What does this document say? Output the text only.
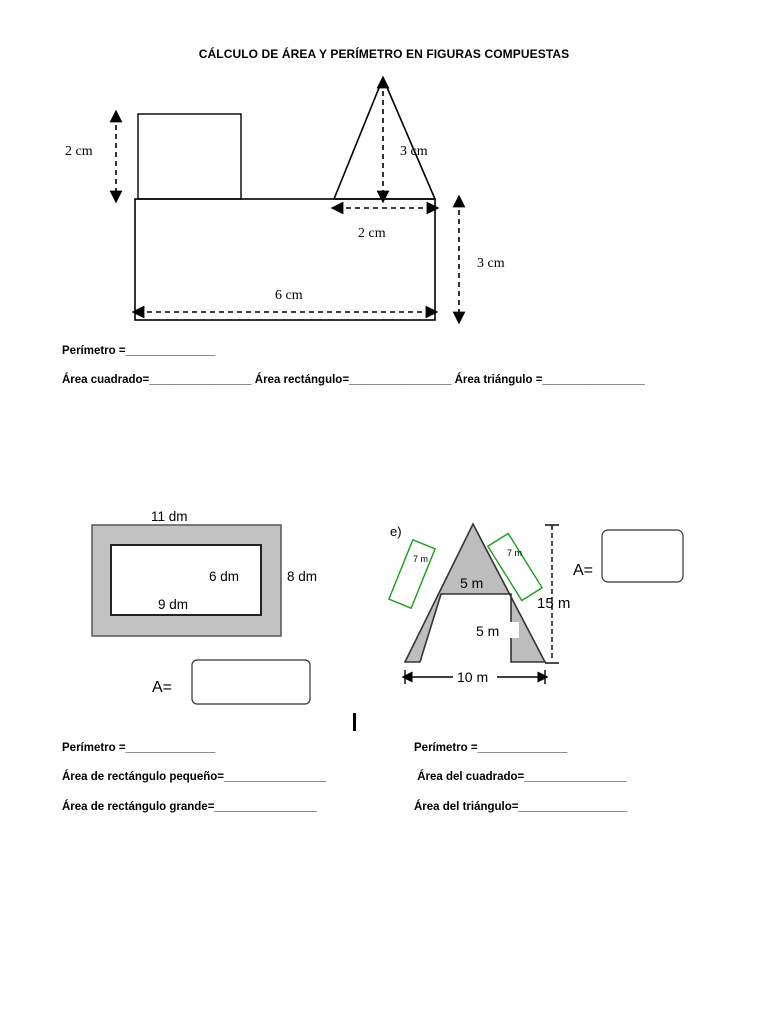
CÁLCULO DE ÁREA Y PERÍMETRO EN FIGURAS COMPUESTAS
2 cm	3 cm
2 cm
3 cm
6 cm
Perímetro =______________
Área cuadrado=________________ Área rectángulo=________________ Área triángulo =________________
11 dm
8 dm
6 dm
9 dm
A=
e)
7 m
7 m
5 m
5 m
15 m
10 m
A=
Perímetro =______________
Área de rectángulo pequeño=________________
Área de rectángulo grande=________________
Perímetro =______________
Área del cuadrado=________________
Área del triángulo=_________________
